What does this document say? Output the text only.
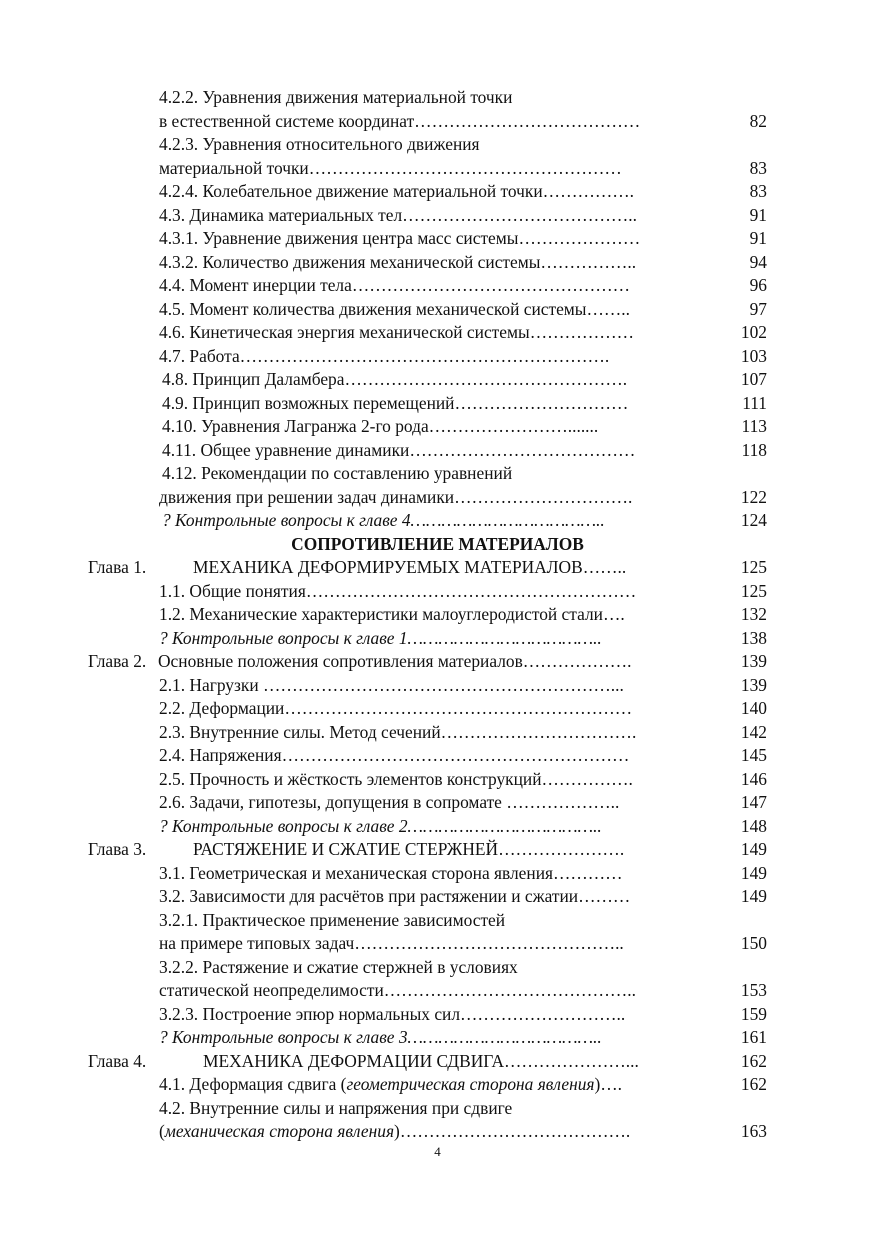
4.2.2. Уравнения движения материальной точки
в естественной системе координат…………………………………	82
4.2.3. Уравнения относительного движения
материальной точки………………………………………………	83
4.2.4. Колебательное движение материальной точки…………….	83
4.3. Динамика материальных тел…………………………………..	91
4.3.1. Уравнение движения центра масс системы…………………	91
4.3.2. Количество движения механической системы……………..	94
4.4. Момент инерции тела…………………………………………	96
4.5. Момент количества движения механической системы……..	97
4.6. Кинетическая энергия механической системы………………	102
4.7. Работа……………………………………………………….	103
4.8. Принцип Даламбера………………………………………….	107
4.9. Принцип возможных перемещений…………………………	111
4.10. Уравнения Лагранжа 2-го рода…………………….......	113
4.11. Общее уравнение динамики…………………………………	118
4.12. Рекомендации по составлению уравнений
движения при решении задач динамики………………………….	122
? Контрольные вопросы к главе 4………………………………..	124
СОПРОТИВЛЕНИЕ МАТЕРИАЛОВ
Глава 1.	МЕХАНИКА ДЕФОРМИРУЕМЫХ МАТЕРИАЛОВ……..	125
1.1. Общие понятия…………………………………………………	125
1.2. Механические характеристики малоуглеродистой стали….	132
? Контрольные вопросы к главе 1………………………………..	138
Глава 2. Основные положения сопротивления материалов……………….	139
2.1. Нагрузки ……………………………………………………...	139
2.2. Деформации……………………………………………………	140
2.3. Внутренние силы. Метод сечений…………………………….	142
2.4. Напряжения……………………………………………………	145
2.5. Прочность и жёсткость элементов конструкций…………….	146
2.6. Задачи, гипотезы, допущения в сопромате ………………..	147
? Контрольные вопросы к главе 2………………………………..	148
Глава 3.	РАСТЯЖЕНИЕ И СЖАТИЕ СТЕРЖНЕЙ………………….	149
3.1. Геометрическая и механическая сторона явления…………	149
3.2. Зависимости для расчётов при растяжении и сжатии………	149
3.2.1. Практическое применение зависимостей
на примере типовых задач………………………………………..	150
3.2.2. Растяжение и сжатие стержней в условиях
статической неопределимости……………………………………..	153
3.2.3. Построение эпюр нормальных сил………………………..	159
? Контрольные вопросы к главе 3………………………………..	161
Глава 4.	МЕХАНИКА ДЕФОРМАЦИИ СДВИГА…………………...	162
4.1. Деформация сдвига (геометрическая сторона явления)….	162
4.2. Внутренние силы и напряжения при сдвиге
(механическая сторона явления)………………………………….	163
4
